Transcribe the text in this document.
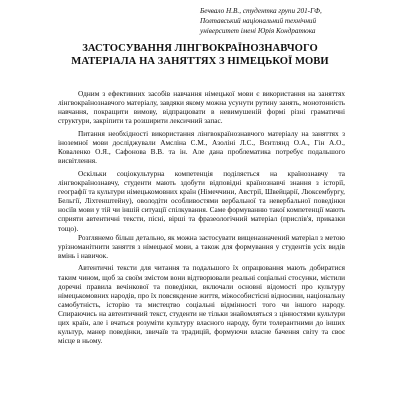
Бечвало Н.В., студентка групи 201-ГФ,
Полтавський національний технічний
університет імені Юрія Кондратюка
ЗАСТОСУВАННЯ ЛІНГВОКРАЇНОЗНАВЧОГО
МАТЕРІАЛА НА ЗАНЯТТЯХ З НІМЕЦЬКОЇ МОВИ

Одним з ефективних засобів навчання німецької мови є використання на заняттях лінгвокраїнознавчого матеріалу, завдяки якому можна усунути рутину занять, монотонність навчання, покращити вимову, відпрацювати в невимушеній формі різні граматичні структури, закріпити та розширити лексичний запас.

Питання необхідності використання лінгвокраїнознавчого матеріалу на заняттях з іноземної мови досліджували Амсліна С.М., Азоліні Л.С., Вєнтлянд О.А., Гін А.О., Коваленко О.Я., Сафонова В.В. та ін. Але дана проблематика потребує подальшого висвітлення.

Оскільки соціокультурна компетенція поділяється на країнознавчу та лінгвокраїнознавчу, студенти мають здобути відповідні країнознавчі знання з історії, географії та культури німецькомовних країн (Німеччини, Австрії, Швейцарії, Люксембургу, Бельгії, Ліхтенштейну), оволодіти особливостями вербальної та невербальної поведінки носіїв мови у тій чи іншій ситуації спілкування. Саме формуванню такої компетенції мають сприяти автентичні тексти, пісні, вірші та фразеологічний матеріал (прислів'я, приказки тощо).

Розглянемо більш детально, як можна застосувати вищеназначений матеріал з метою урізноманітнити заняття з німецької мови, а також для формування у студентів усіх видів вмінь і навичок.

Автентичні тексти для читання та подальшого їх опрацювання мають добиратися таким чином, щоб за своїм змістом вони відтворювали реальні соціальні стосунки, містили доречні правила вечінкової та поведінки, включали основні відомості про культуру німецькомовних народів, про їх повсякденне життя, міжособистісні відносини, національну самобутність, історію та мистецтво соціальні відмінності того чи іншого народу. Спираючись на автентичний текст, студенти не тільки знайомляться з цінностями культури цих країн, але і вчаться розуміти культуру власного народу, бути толерантними до інших культур, манер поведінки, звичаїв та традицій, формуючи власне бачення світу та своє місце в ньому.
